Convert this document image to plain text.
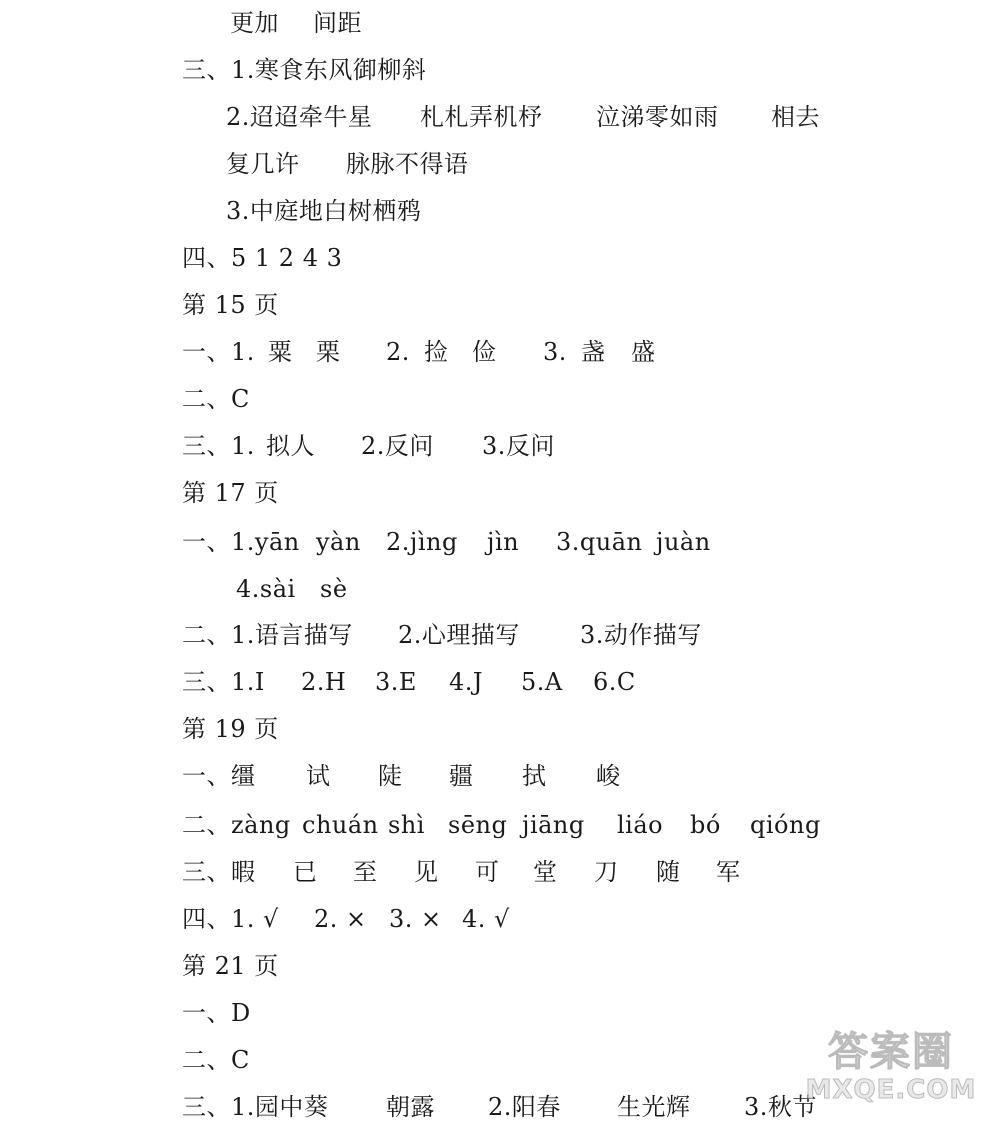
更加 间距
三、1.寒食东风御柳斜
2.迢迢牵牛星 札札弄机杼 泣涕零如雨 相去
复几许 脉脉不得语
3.中庭地白树栖鸦
四、5 1 2 4 3
第 15 页
一、1. 粟 栗 2. 捡 俭 3. 盏 盛
二、C
三、1. 拟人 2.反问 3.反问
第 17 页
一、1.yān yàn 2.jìng jìn 3.quān juàn
4.sài sè
二、1.语言描写 2.心理描写	3.动作描写
三、1.I 2.H 3.E 4.J 5.A 6.C
第 19 页
一、缰 试 陡 疆 拭 峻
二、zàng chuán shì sēng jiāng liáo bó qióng
三、暇 已 至 见 可 堂 刀 随 军
四、1. √ 2. × 3. × 4. √
第 21 页
一、D
二、C
三、1.园中葵 朝露 2.阳春 生光辉 3.秋节
答案圈
MXQE.COM
